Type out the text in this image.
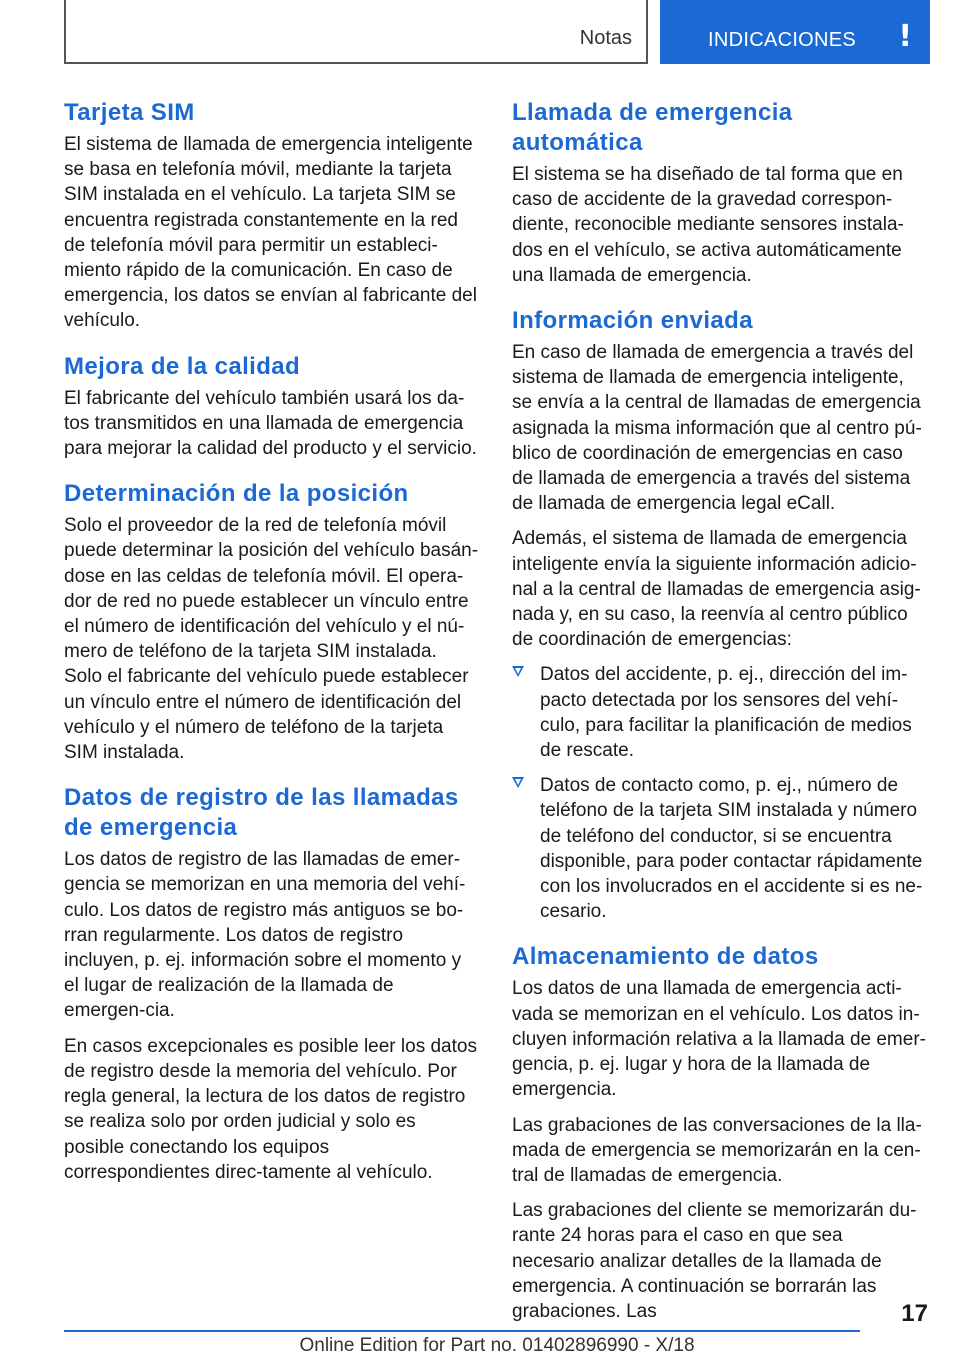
Notas	INDICACIONES !
Tarjeta SIM

El sistema de llamada de emergencia inteligente se basa en telefonía móvil, mediante la tarjeta SIM instalada en el vehículo. La tarjeta SIM se encuentra registrada constantemente en la red de telefonía móvil para permitir un estableci‐miento rápido de la comunicación. En caso de emergencia, los datos se envían al fabricante del vehículo.

Mejora de la calidad

El fabricante del vehículo también usará los da‐tos transmitidos en una llamada de emergencia para mejorar la calidad del producto y el servicio.

Determinación de la posición

Solo el proveedor de la red de telefonía móvil puede determinar la posición del vehículo basán‐dose en las celdas de telefonía móvil. El opera‐dor de red no puede establecer un vínculo entre el número de identificación del vehículo y el nú‐mero de teléfono de la tarjeta SIM instalada. Solo el fabricante del vehículo puede establecer un vínculo entre el número de identificación del vehículo y el número de teléfono de la tarjeta SIM instalada.

Datos de registro de las llamadas de emergencia

Los datos de registro de las llamadas de emer‐gencia se memorizan en una memoria del vehí‐culo. Los datos de registro más antiguos se bo‐rran regularmente. Los datos de registro incluyen, p. ej. información sobre el momento y el lugar de realización de la llamada de emergen‐cia.

En casos excepcionales es posible leer los datos de registro desde la memoria del vehículo. Por regla general, la lectura de los datos de registro se realiza solo por orden judicial y solo es posible conectando los equipos correspondientes direc‐tamente al vehículo.

Llamada de emergencia automática

El sistema se ha diseñado de tal forma que en caso de accidente de la gravedad correspon‐diente, reconocible mediante sensores instala‐dos en el vehículo, se activa automáticamente una llamada de emergencia.

Información enviada

En caso de llamada de emergencia a través del sistema de llamada de emergencia inteligente, se envía a la central de llamadas de emergencia asignada la misma información que al centro pú‐blico de coordinación de emergencias en caso de llamada de emergencia a través del sistema de llamada de emergencia legal eCall.

Además, el sistema de llamada de emergencia inteligente envía la siguiente información adicio‐nal a la central de llamadas de emergencia asig‐nada y, en su caso, la reenvía al centro público de coordinación de emergencias:

Datos del accidente, p. ej., dirección del im‐pacto detectada por los sensores del vehí‐culo, para facilitar la planificación de medios de rescate.
Datos de contacto como, p. ej., número de teléfono de la tarjeta SIM instalada y número de teléfono del conductor, si se encuentra disponible, para poder contactar rápidamente con los involucrados en el accidente si es ne‐cesario.
Almacenamiento de datos

Los datos de una llamada de emergencia acti‐vada se memorizan en el vehículo. Los datos in‐cluyen información relativa a la llamada de emer‐gencia, p. ej. lugar y hora de la llamada de emergencia.

Las grabaciones de las conversaciones de la lla‐mada de emergencia se memorizarán en la cen‐tral de llamadas de emergencia.

Las grabaciones del cliente se memorizarán du‐rante 24 horas para el caso en que sea necesario analizar detalles de la llamada de emergencia. A continuación se borrarán las grabaciones. Las	17
Online Edition for Part no. 01402896990 - X/18
